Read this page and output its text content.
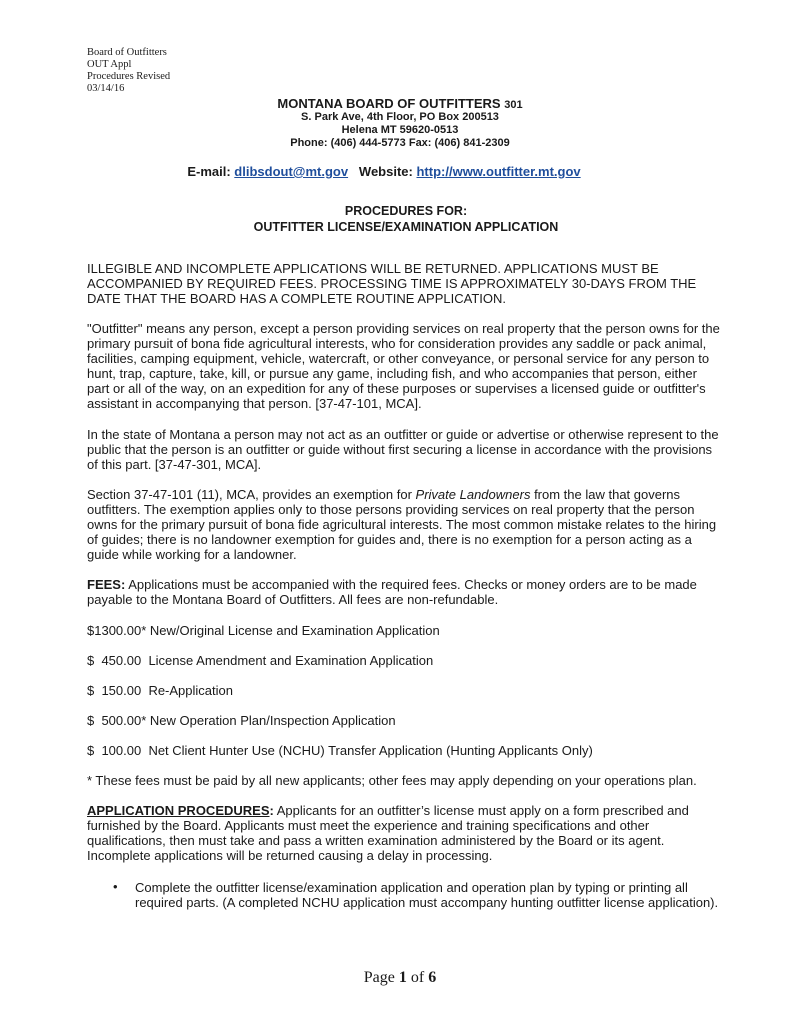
Board of Outfitters
OUT Appl
Procedures Revised
03/14/16
MONTANA BOARD OF OUTFITTERS 301
S. Park Ave, 4th Floor, PO Box 200513
Helena MT 59620-0513
Phone: (406) 444-5773 Fax: (406) 841-2309
E-mail: dlibsdout@mt.gov Website: http://www.outfitter.mt.gov
PROCEDURES FOR:
OUTFITTER LICENSE/EXAMINATION APPLICATION
ILLEGIBLE AND INCOMPLETE APPLICATIONS WILL BE RETURNED. APPLICATIONS MUST BE
ACCOMPANIED BY REQUIRED FEES. PROCESSING TIME IS APPROXIMATELY 30-DAYS FROM THE
DATE THAT THE BOARD HAS A COMPLETE ROUTINE APPLICATION.
"Outfitter" means any person, except a person providing services on real property that the person owns for the
primary pursuit of bona fide agricultural interests, who for consideration provides any saddle or pack animal,
facilities, camping equipment, vehicle, watercraft, or other conveyance, or personal service for any person to
hunt, trap, capture, take, kill, or pursue any game, including fish, and who accompanies that person, either
part or all of the way, on an expedition for any of these purposes or supervises a licensed guide or outfitter's
assistant in accompanying that person. [37-47-101, MCA].
In the state of Montana a person may not act as an outfitter or guide or advertise or otherwise represent to the
public that the person is an outfitter or guide without first securing a license in accordance with the provisions
of this part. [37-47-301, MCA].
Section 37-47-101 (11), MCA, provides an exemption for Private Landowners from the law that governs
outfitters. The exemption applies only to those persons providing services on real property that the person
owns for the primary pursuit of bona fide agricultural interests. The most common mistake relates to the hiring
of guides; there is no landowner exemption for guides and, there is no exemption for a person acting as a
guide while working for a landowner.
FEES: Applications must be accompanied with the required fees. Checks or money orders are to be made
payable to the Montana Board of Outfitters. All fees are non-refundable.
$1300.00* New/Original License and Examination Application
$  450.00  License Amendment and Examination Application
$  150.00  Re-Application
$  500.00* New Operation Plan/Inspection Application
$  100.00  Net Client Hunter Use (NCHU) Transfer Application (Hunting Applicants Only)
* These fees must be paid by all new applicants; other fees may apply depending on your operations plan.
APPLICATION PROCEDURES: Applicants for an outfitter’s license must apply on a form prescribed and
furnished by the Board. Applicants must meet the experience and training specifications and other
qualifications, then must take and pass a written examination administered by the Board or its agent.
Incomplete applications will be returned causing a delay in processing.
• Complete the outfitter license/examination application and operation plan by typing or printing all
required parts. (A completed NCHU application must accompany hunting outfitter license application).
Page 1 of 6
